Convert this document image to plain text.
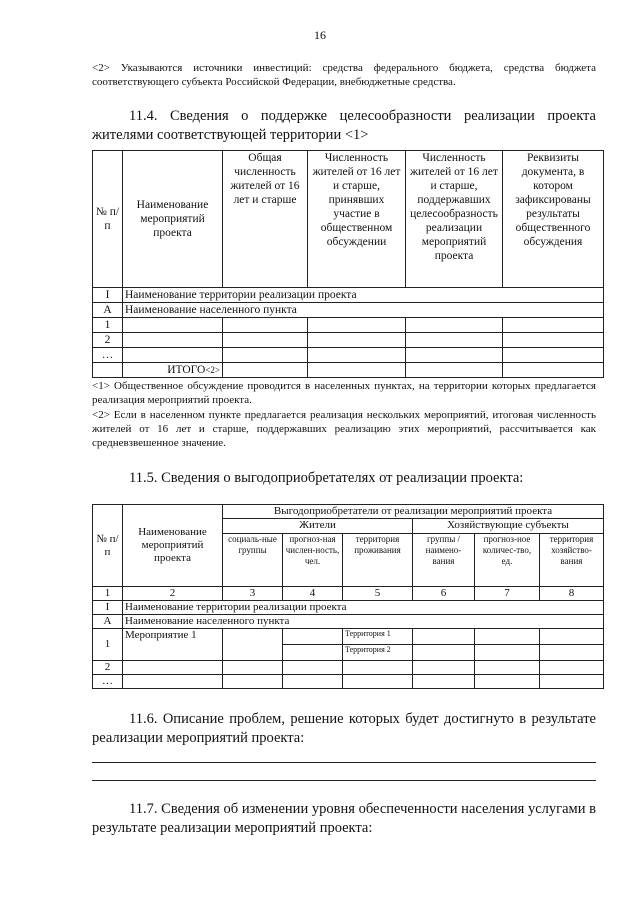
16
<2> Указываются источники инвестиций: средства федерального бюджета, средства бюджета соответствующего субъекта Российской Федерации, внебюджетные средства.
11.4. Сведения о поддержке целесообразности реализации проекта жителями соответствующей территории <1>
№ п/п	Наименование мероприятий проекта	Общая численность жителей от 16 лет и старше	Численность жителей от 16 лет и старше, принявших участие в общественном обсуждении	Численность жителей от 16 лет и старше, поддержавших целесообразность реализации мероприятий проекта	Реквизиты документа, в котором зафиксированы результаты общественного обсуждения
I	Наименование территории реализации проекта				
А	Наименование населенного пункта				
1					
2					
…					
	ИТОГО<2>				
<1> Общественное обсуждение проводится в населенных пунктах, на территории которых предлагается реализация мероприятий проекта.
<2> Если в населенном пункте предлагается реализация нескольких мероприятий, итоговая численность жителей от 16 лет и старше, поддержавших реализацию этих мероприятий, рассчитывается как средневзвешенное значение.
11.5. Сведения о выгодоприобретателях от реализации проекта:
№ п/п	Наименование мероприятий проекта	Выгодоприобретатели от реализации мероприятий проекта					
		Жители			Хозяйствующие субъекты		
		социаль-ные группы	прогноз-ная числен-ность, чел.	территория проживания	группы / наимено-вания	прогноз-ное количес-тво, ед.	территория хозяйство-вания
1	2	3	4	5	6	7	8
I	Наименование территории реализации проекта						
А	Наименование населенного пункта						
1	Мероприятие 1			Территория 1			
				Территория 2			
2							
…							
11.6. Описание проблем, решение которых будет достигнуто в результате реализации мероприятий проекта:
11.7. Сведения об изменении уровня обеспеченности населения услугами в результате реализации мероприятий проекта:
